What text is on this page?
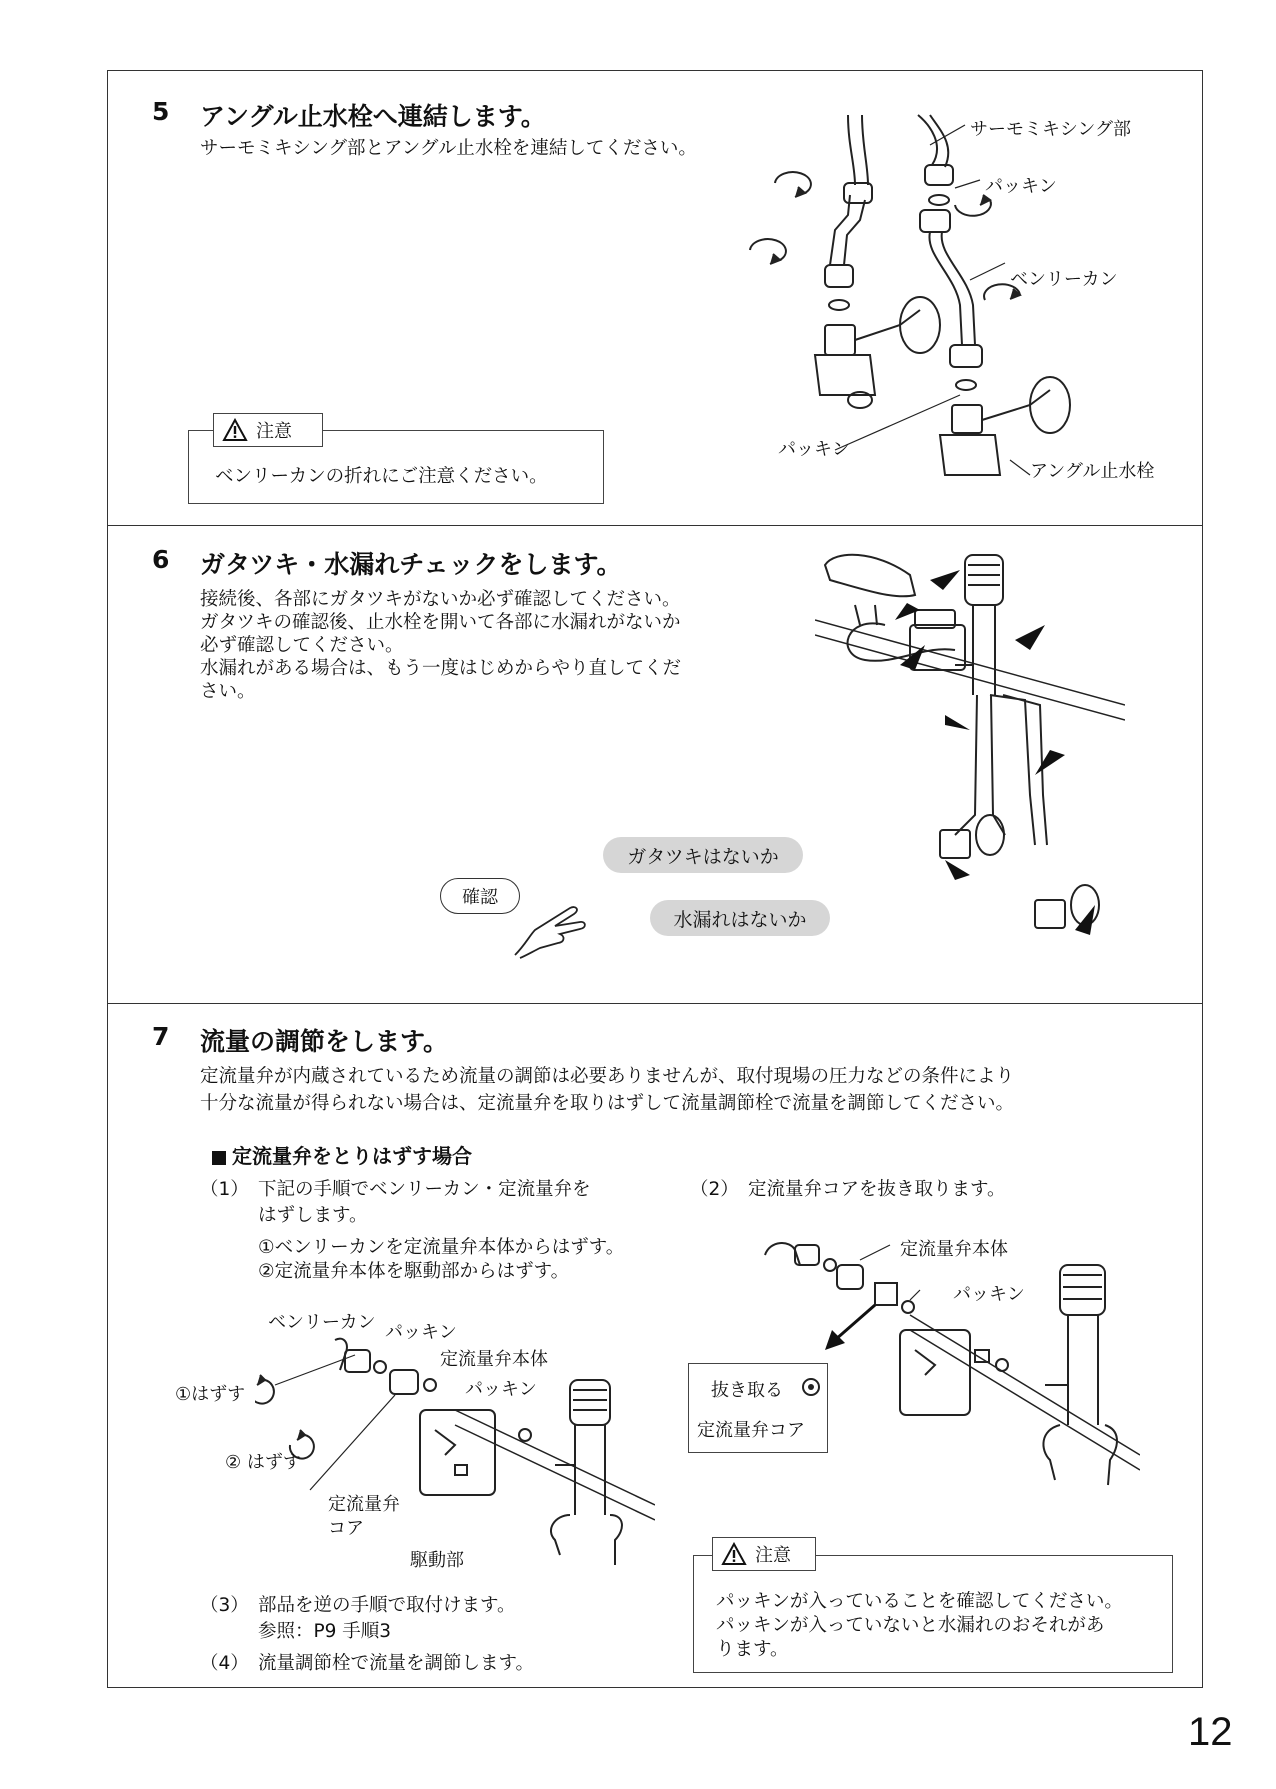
5 アングル止水栓へ連結します。
サーモミキシング部とアングル止水栓を連結してください。
ベンリーカンの折れにご注意ください。
注意
サーモミキシング部
パッキン
ベンリーカン
パッキン
アングル止水栓
6 ガタツキ・水漏れチェックをします。
接続後、各部にガタツキがないか必ず確認してください。
ガタツキの確認後、止水栓を開いて各部に水漏れがないか
必ず確認してください。
水漏れがある場合は、もう一度はじめからやり直してくだ
さい。
ガタツキはないか
水漏れはないか
確認
7 流量の調節をします。
定流量弁が内蔵されているため流量の調節は必要ありませんが、取付現場の圧力などの条件により
十分な流量が得られない場合は、定流量弁を取りはずして流量調節栓で流量を調節してください。
定流量弁をとりはずす場合
（1） 下記の手順でベンリーカン・定流量弁を
はずします。
①ベンリーカンを定流量弁本体からはずす。
②定流量弁本体を駆動部からはずす。
（2） 定流量弁コアを抜き取ります。
ベンリーカン パッキン
定流量弁本体
パッキン
①はずす
② はずす
定流量弁
コア
駆動部
定流量弁本体
パッキン
抜き取る
定流量弁コア
パッキンが入っていることを確認してください。
パッキンが入っていないと水漏れのおそれがあ
ります。
注意
（3） 部品を逆の手順で取付けます。
参照：P9 手順3
（4） 流量調節栓で流量を調節します。
12
